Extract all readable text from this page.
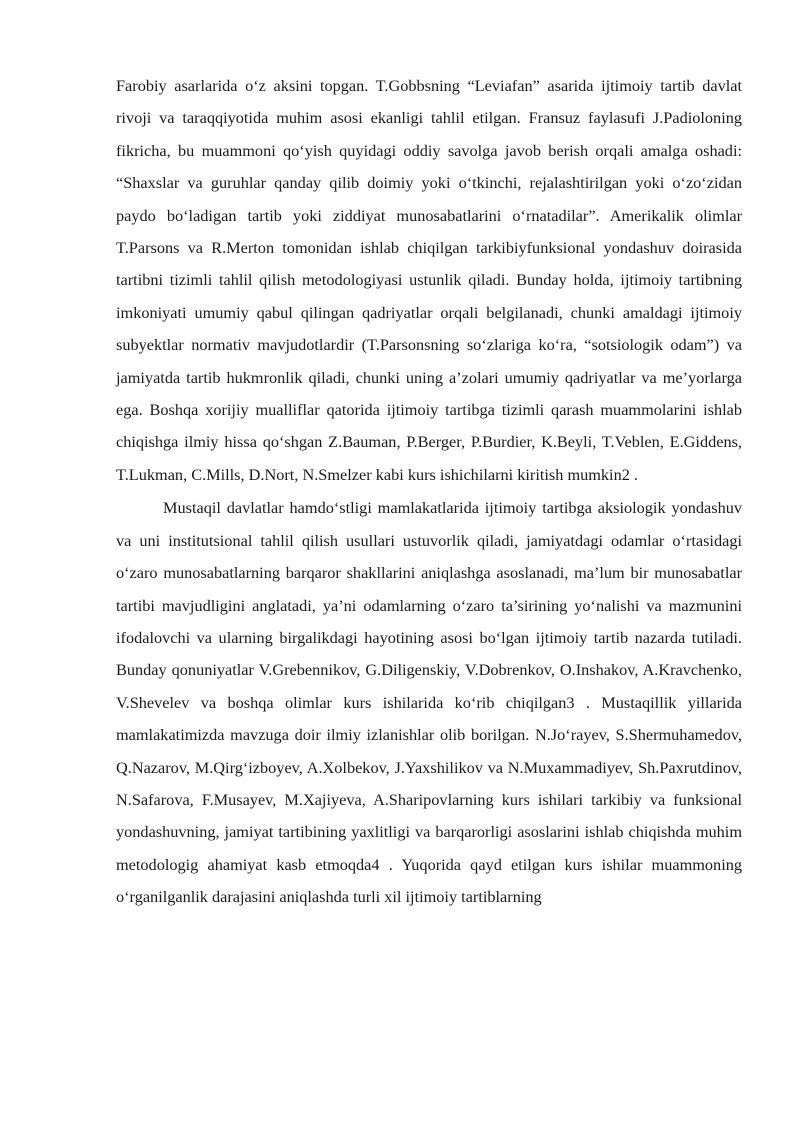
Farobiy asarlarida o‘z aksini topgan. T.Gobbsning “Leviafan” asarida ijtimoiy tartib davlat rivoji va taraqqiyotida muhim asosi ekanligi tahlil etilgan. Fransuz faylasufi J.Padioloning fikricha, bu muammoni qo‘yish quyidagi oddiy savolga javob berish orqali amalga oshadi: “Shaxslar va guruhlar qanday qilib doimiy yoki o‘tkinchi, rejalashtirilgan yoki o‘zo‘zidan paydo bo‘ladigan tartib yoki ziddiyat munosabatlarini o‘rnatadilar”. Amerikalik olimlar T.Parsons va R.Merton tomonidan ishlab chiqilgan tarkibiyfunksional yondashuv doirasida tartibni tizimli tahlil qilish metodologiyasi ustunlik qiladi. Bunday holda, ijtimoiy tartibning imkoniyati umumiy qabul qilingan qadriyatlar orqali belgilanadi, chunki amaldagi ijtimoiy subyektlar normativ mavjudotlardir (T.Parsonsning so‘zlariga ko‘ra, “sotsiologik odam”) va jamiyatda tartib hukmronlik qiladi, chunki uning a’zolari umumiy qadriyatlar va me’yorlarga ega. Boshqa xorijiy mualliflar qatorida ijtimoiy tartibga tizimli qarash muammolarini ishlab chiqishga ilmiy hissa qo‘shgan Z.Bauman, P.Berger, P.Burdier, K.Beyli, T.Veblen, E.Giddens, T.Lukman, C.Mills, D.Nort, N.Smelzer kabi kurs ishichilarni kiritish mumkin2 .

Mustaqil davlatlar hamdo‘stligi mamlakatlarida ijtimoiy tartibga aksiologik yondashuv va uni institutsional tahlil qilish usullari ustuvorlik qiladi, jamiyatdagi odamlar o‘rtasidagi o‘zaro munosabatlarning barqaror shakllarini aniqlashga asoslanadi, ma’lum bir munosabatlar tartibi mavjudligini anglatadi, ya’ni odamlarning o‘zaro ta’sirining yo‘nalishi va mazmunini ifodalovchi va ularning birgalikdagi hayotining asosi bo‘lgan ijtimoiy tartib nazarda tutiladi. Bunday qonuniyatlar V.Grebennikov, G.Diligenskiy, V.Dobrenkov, O.Inshakov, A.Kravchenko, V.Shevelev va boshqa olimlar kurs ishilarida ko‘rib chiqilgan3 . Mustaqillik yillarida mamlakatimizda mavzuga doir ilmiy izlanishlar olib borilgan. N.Jo‘rayev, S.Shermuhamedov, Q.Nazarov, M.Qirg‘izboyev, A.Xolbekov, J.Yaxshilikov va N.Muxammadiyev, Sh.Paxrutdinov, N.Safarova, F.Musayev, M.Xajiyeva, A.Sharipovlarning kurs ishilari tarkibiy va funksional yondashuvning, jamiyat tartibining yaxlitligi va barqarorligi asoslarini ishlab chiqishda muhim metodologig ahamiyat kasb etmoqda4 . Yuqorida qayd etilgan kurs ishilar muammoning o‘rganilganlik darajasini aniqlashda turli xil ijtimoiy tartiblarning
